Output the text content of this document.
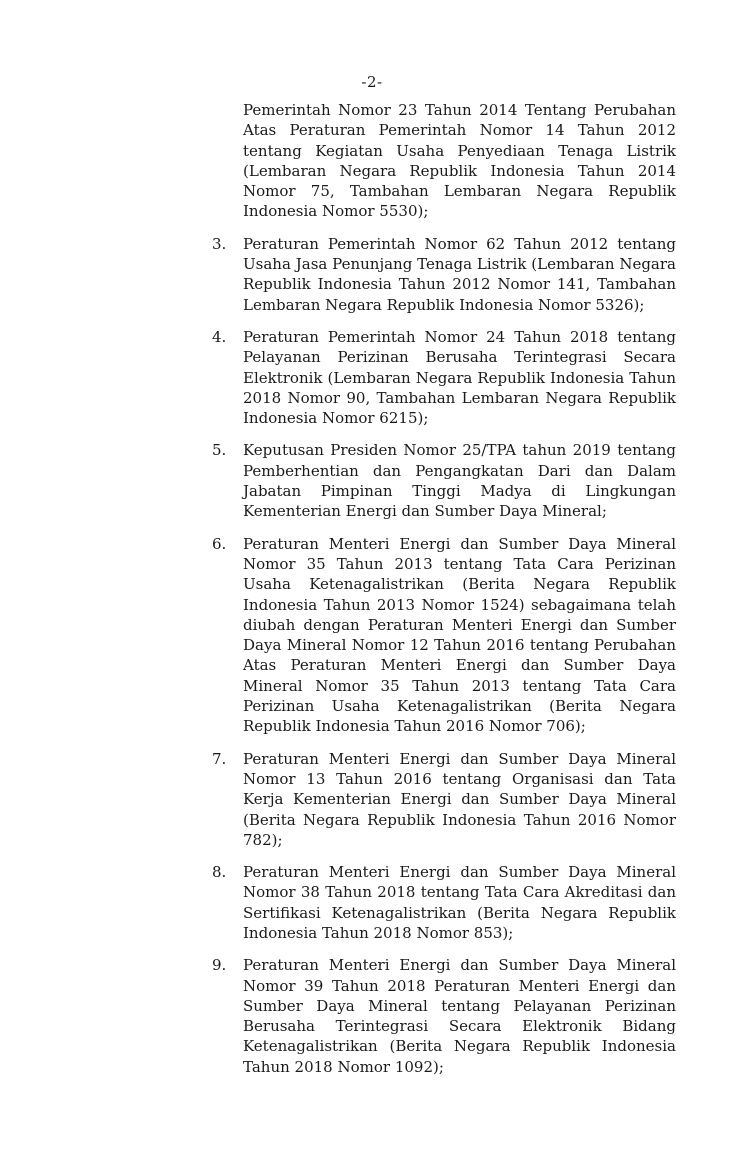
-2-

Pemerintah Nomor 23 Tahun 2014 Tentang Perubahan Atas Peraturan Pemerintah Nomor 14 Tahun 2012 tentang Kegiatan Usaha Penyediaan Tenaga Listrik (Lembaran Negara Republik Indonesia Tahun 2014 Nomor 75, Tambahan Lembaran Negara Republik Indonesia Nomor 5530);

3.	Peraturan Pemerintah Nomor 62 Tahun 2012 tentang Usaha Jasa Penunjang Tenaga Listrik (Lembaran Negara Republik Indonesia Tahun 2012 Nomor 141, Tambahan Lembaran Negara Republik Indonesia Nomor 5326);

4.	Peraturan Pemerintah Nomor 24 Tahun 2018 tentang Pelayanan Perizinan Berusaha Terintegrasi Secara Elektronik (Lembaran Negara Republik Indonesia Tahun 2018 Nomor 90, Tambahan Lembaran Negara Republik Indonesia Nomor 6215);

5.	Keputusan Presiden Nomor 25/TPA tahun 2019 tentang Pemberhentian dan Pengangkatan Dari dan Dalam Jabatan Pimpinan Tinggi Madya di Lingkungan Kementerian Energi dan Sumber Daya Mineral;

6.	Peraturan Menteri Energi dan Sumber Daya Mineral Nomor 35 Tahun 2013 tentang Tata Cara Perizinan Usaha Ketenagalistrikan (Berita Negara Republik Indonesia Tahun 2013 Nomor 1524) sebagaimana telah diubah dengan Peraturan Menteri Energi dan Sumber Daya Mineral Nomor 12 Tahun 2016 tentang Perubahan Atas Peraturan Menteri Energi dan Sumber Daya Mineral Nomor 35 Tahun 2013 tentang Tata Cara Perizinan Usaha Ketenagalistrikan (Berita Negara Republik Indonesia Tahun 2016 Nomor 706);

7.	Peraturan Menteri Energi dan Sumber Daya Mineral Nomor 13 Tahun 2016 tentang Organisasi dan Tata Kerja Kementerian Energi dan Sumber Daya Mineral (Berita Negara Republik Indonesia Tahun 2016 Nomor 782);

8.	Peraturan Menteri Energi dan Sumber Daya Mineral Nomor 38 Tahun 2018 tentang Tata Cara Akreditasi dan Sertifikasi Ketenagalistrikan (Berita Negara Republik Indonesia Tahun 2018 Nomor 853);

9.	Peraturan Menteri Energi dan Sumber Daya Mineral Nomor 39 Tahun 2018 Peraturan Menteri Energi dan Sumber Daya Mineral tentang Pelayanan Perizinan Berusaha Terintegrasi Secara Elektronik Bidang Ketenagalistrikan (Berita Negara Republik Indonesia Tahun 2018 Nomor 1092);
